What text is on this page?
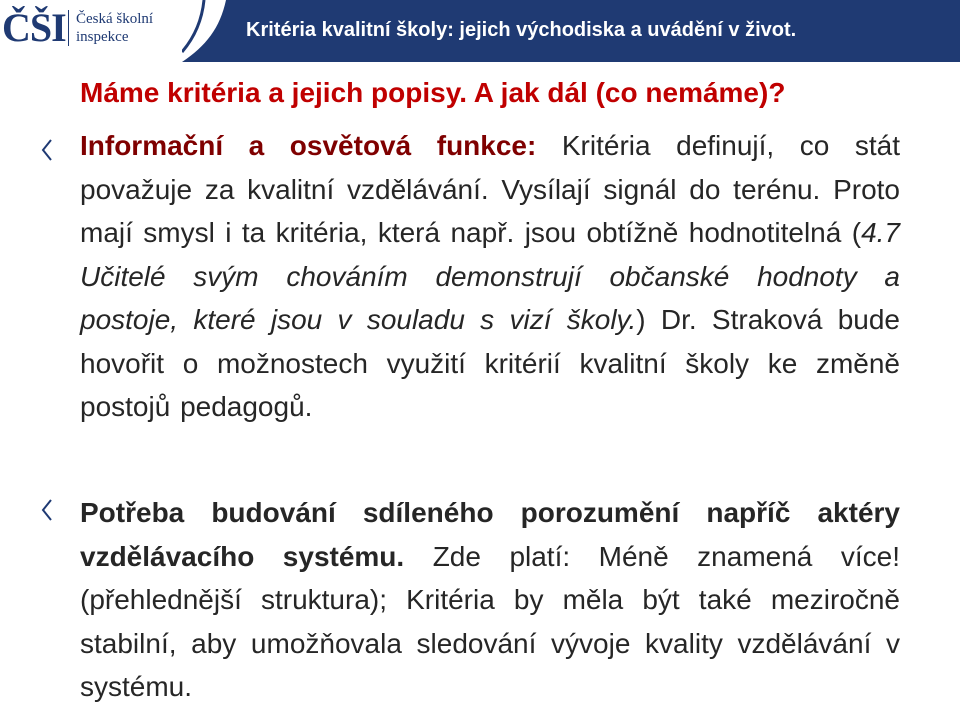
ČŠI Česká školní
inspekce	Kritéria kvalitní školy: jejich východiska a uvádění v život.
Máme kritéria a jejich popisy. A jak dál (co nemáme)?
Informační a osvětová funkce: Kritéria definují, co stát považuje za kvalitní vzdělávání. Vysílají signál do terénu. Proto mají smysl i ta kritéria, která např. jsou obtížně hodnotitelná (4.7 Učitelé svým chováním demonstrují občanské hodnoty a postoje, které jsou v souladu s vizí školy.) Dr. Straková bude hovořit o možnostech využití kritérií kvalitní školy ke změně postojů pedagogů.
Potřeba budování sdíleného porozumění napříč aktéry vzdělávacího systému. Zde platí: Méně znamená více! (přehlednější struktura); Kritéria by měla být také meziročně stabilní, aby umožňovala sledování vývoje kvality vzdělávání v systému.
